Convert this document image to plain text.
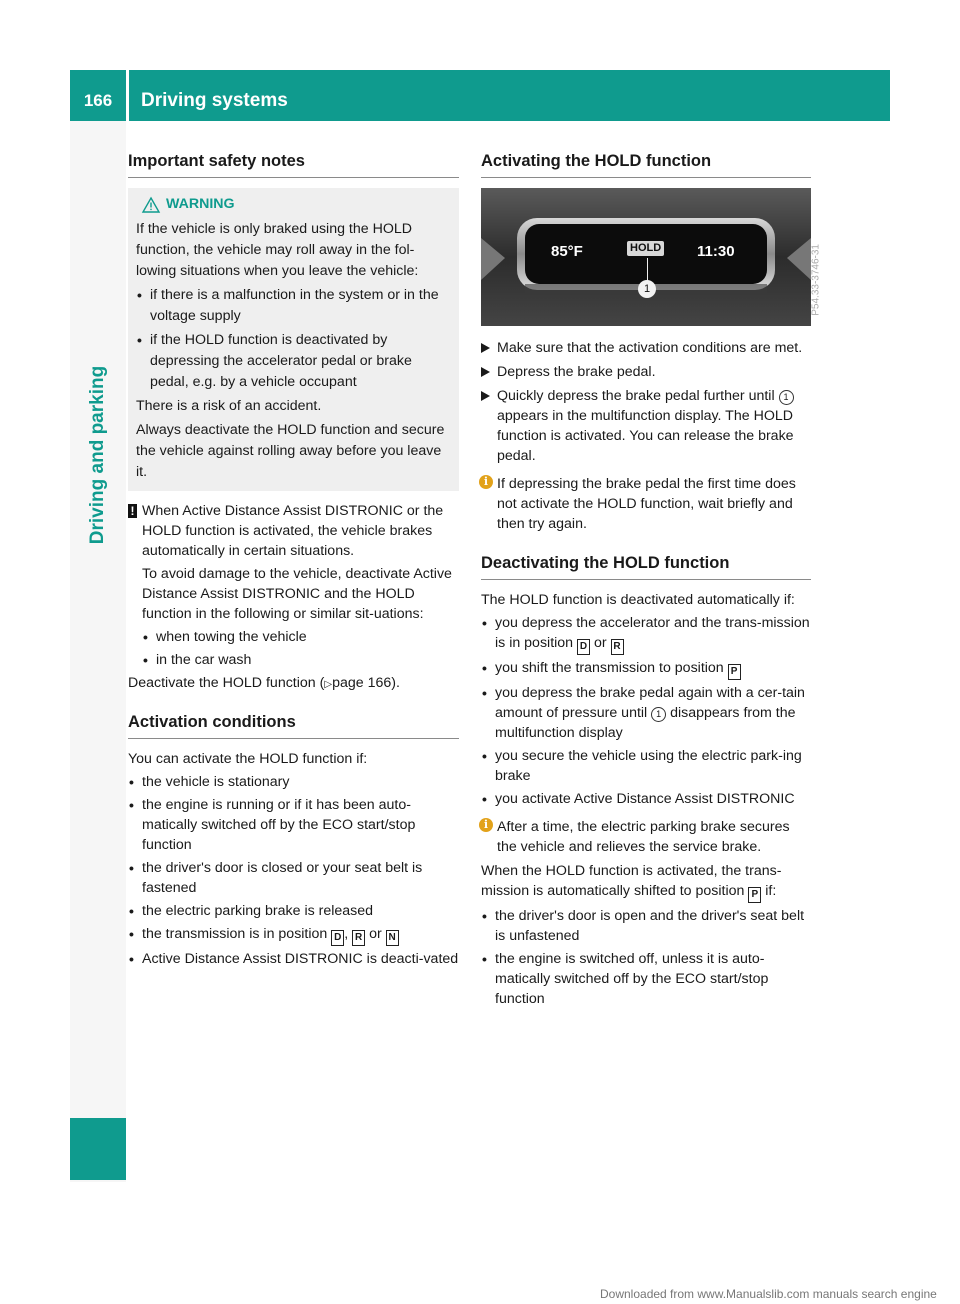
166	Driving systems
Driving and parking
Important safety notes
WARNING

If the vehicle is only braked using the HOLD function, the vehicle may roll away in the fol-lowing situations when you leave the vehicle:

• if there is a malfunction in the system or in the voltage supply
• if the HOLD function is deactivated by depressing the accelerator pedal or brake pedal, e.g. by a vehicle occupant

There is a risk of an accident.

Always deactivate the HOLD function and secure the vehicle against rolling away before you leave it.

! When Active Distance Assist DISTRONIC or the HOLD function is activated, the vehicle brakes automatically in certain situations.

To avoid damage to the vehicle, deactivate Active Distance Assist DISTRONIC and the HOLD function in the following or similar sit-uations:

• when towing the vehicle
• in the car wash

Deactivate the HOLD function (▷page 166).

Activation conditions

You can activate the HOLD function if:

• the vehicle is stationary
• the engine is running or if it has been auto-matically switched off by the ECO start/stop function
• the driver's door is closed or your seat belt is fastened
• the electric parking brake is released
• the transmission is in position D , R or N
• Active Distance Assist DISTRONIC is deacti-vated
Activating the HOLD function
85°F	HOLD 11:30
1	P54.33-3746-31
Make sure that the activation conditions are met.
Depress the brake pedal.
Quickly depress the brake pedal further until 1 appears in the multifunction display. The HOLD function is activated. You can release the brake pedal.
i If depressing the brake pedal the first time does not activate the HOLD function, wait briefly and then try again.
Deactivating the HOLD function

The HOLD function is deactivated automatically if:

• you depress the accelerator and the trans-mission is in position D or R
• you shift the transmission to position P
• you depress the brake pedal again with a cer-tain amount of pressure until 1 disappears from the multifunction display
• you secure the vehicle using the electric park-ing brake
• you activate Active Distance Assist DISTRONIC
i After a time, the electric parking brake secures the vehicle and relieves the service brake.

When the HOLD function is activated, the trans-mission is automatically shifted to position P if:

• the driver's door is open and the driver's seat belt is unfastened
• the engine is switched off, unless it is auto-matically switched off by the ECO start/stop function
Downloaded from www.Manualslib.com manuals search engine
